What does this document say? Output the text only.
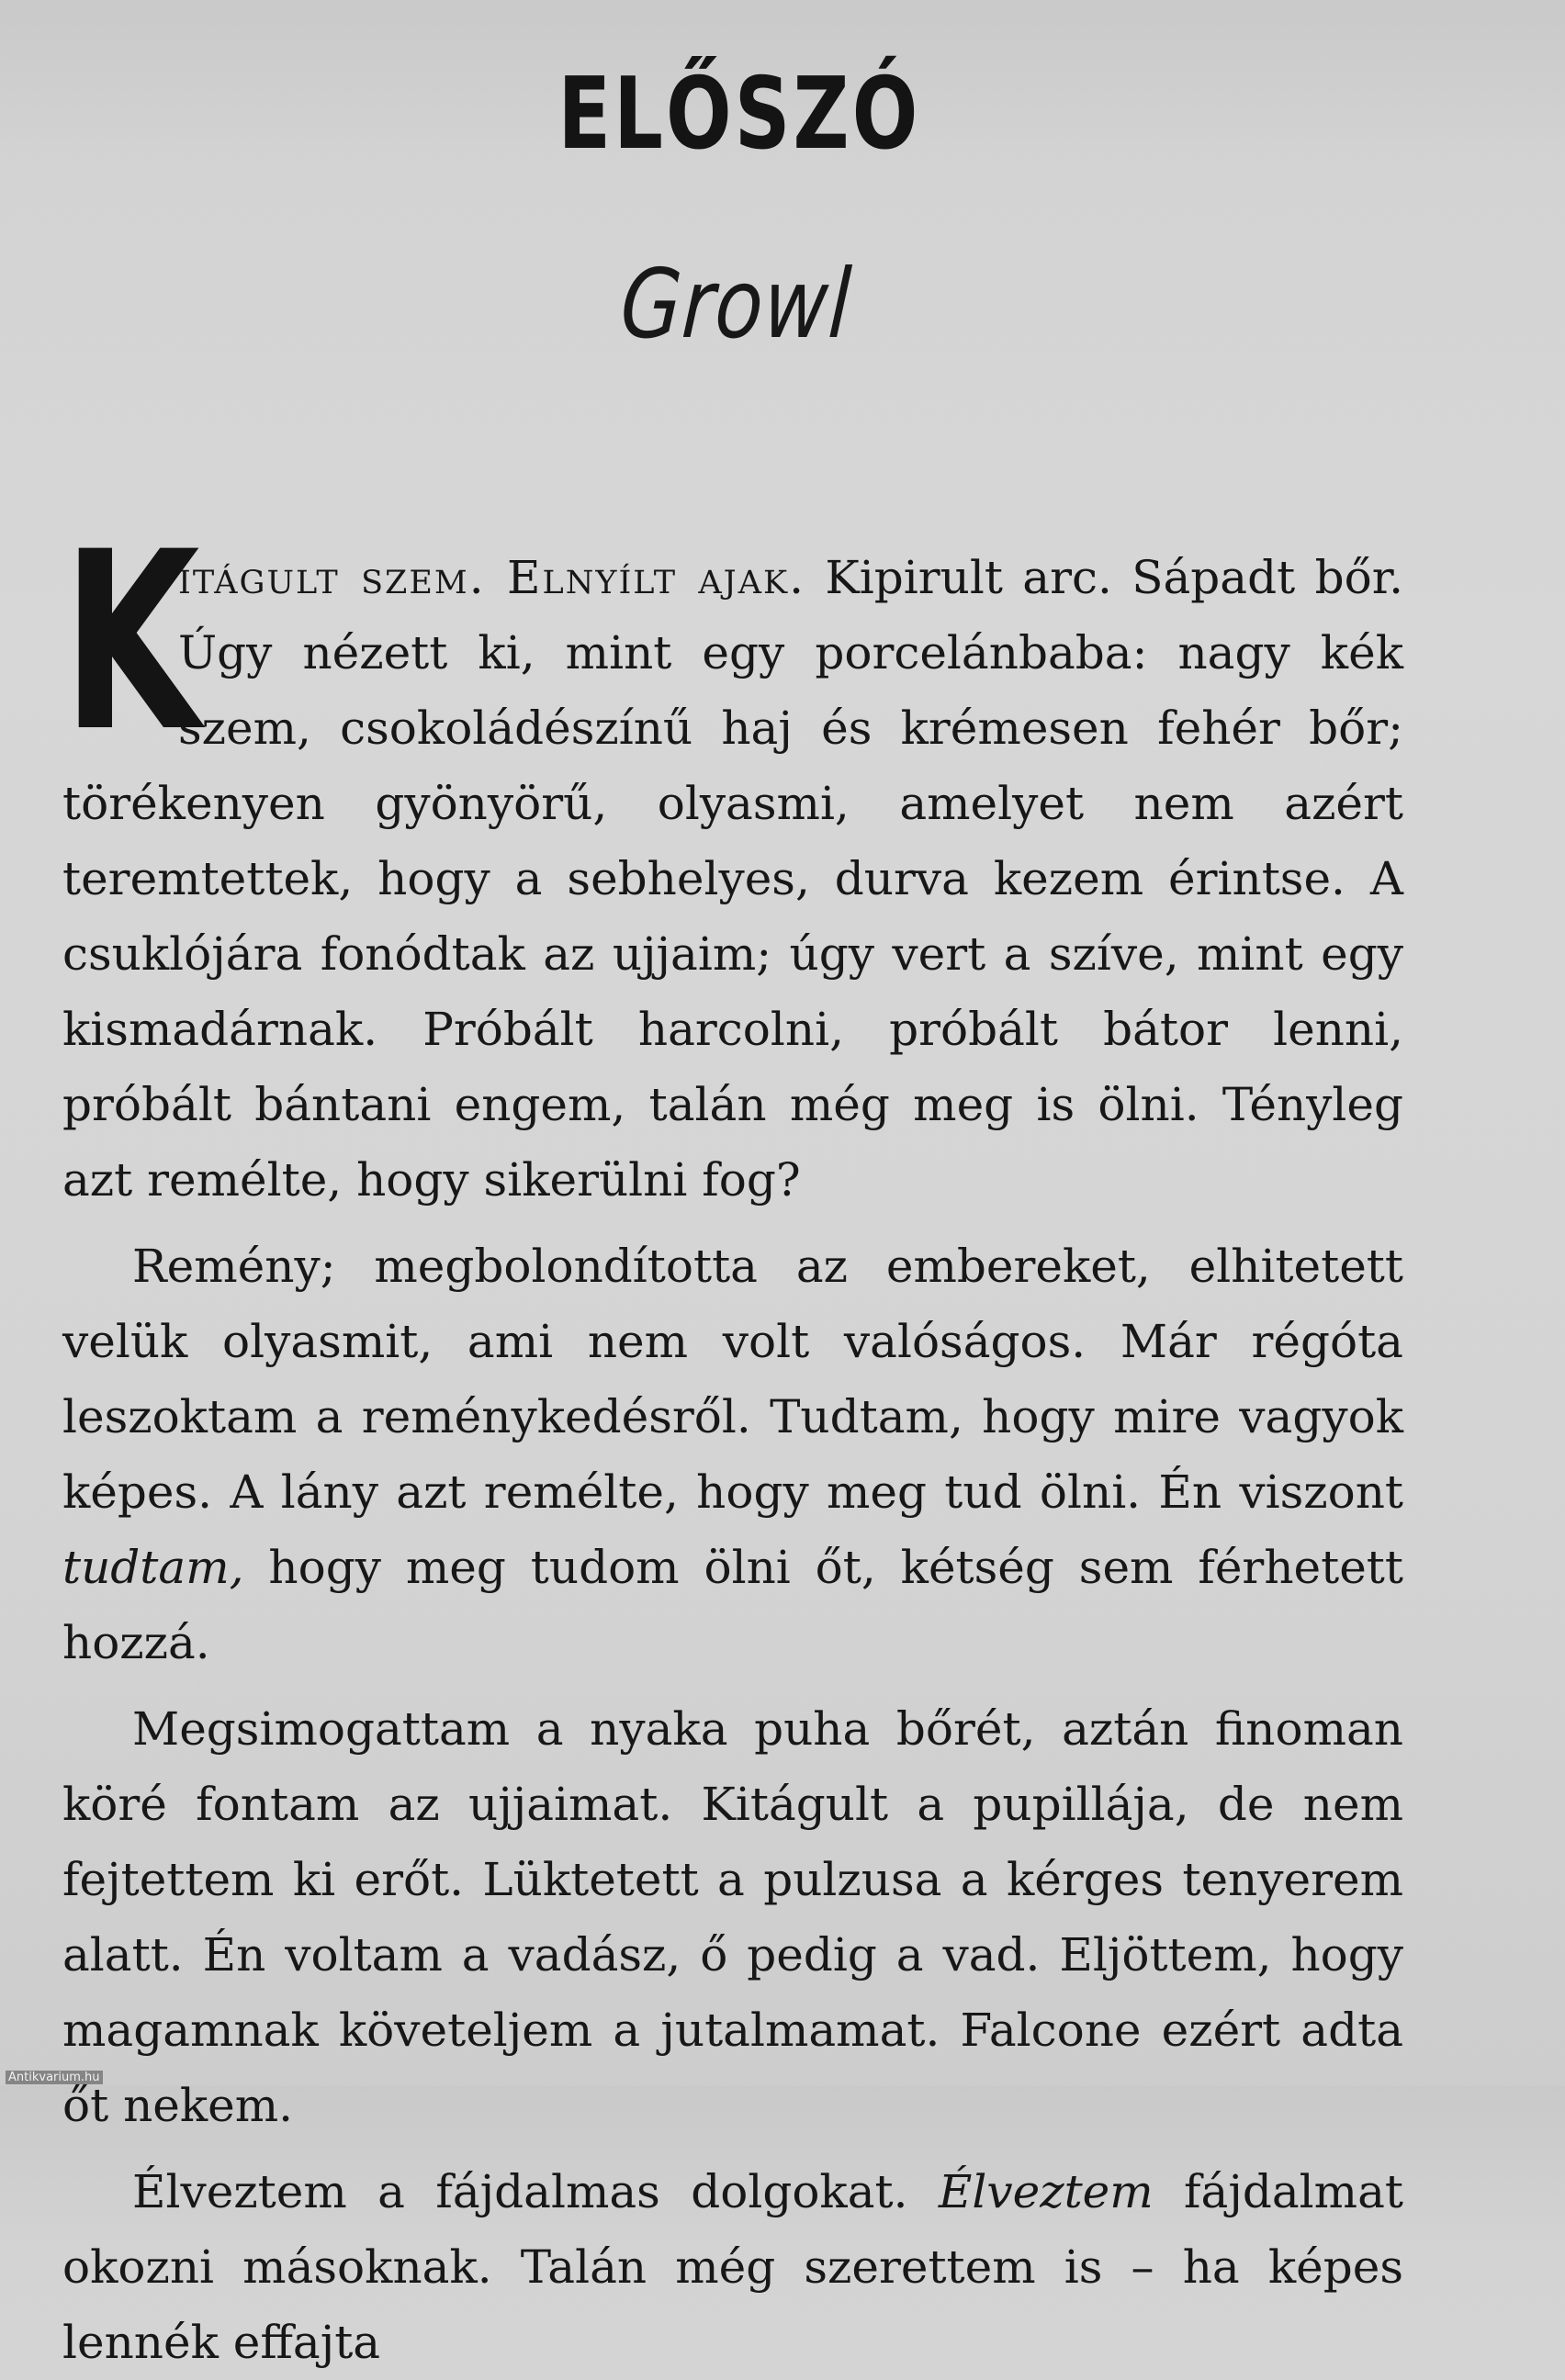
ELŐSZÓ
Growl

K
itágult szem. Elnyílt ajak. Kipirult arc. Sápadt bőr. Úgy nézett ki, mint egy porcelánbaba: nagy kék szem, csokoládészínű haj és krémesen fehér bőr; törékenyen gyönyörű, olyasmi, amelyet nem azért teremtettek, hogy a sebhelyes, durva kezem érintse. A csuklójára fonódtak az ujjaim; úgy vert a szíve, mint egy kismadárnak. Próbált harcolni, próbált bátor lenni, próbált bántani engem, talán még meg is ölni. Tényleg azt remélte, hogy sikerülni fog?

Remény; megbolondította az embereket, elhitetett velük olyasmit, ami nem volt valóságos. Már régóta leszoktam a reménykedésről. Tudtam, hogy mire vagyok képes. A lány azt remélte, hogy meg tud ölni. Én viszont tudtam, hogy meg tudom ölni őt, kétség sem férhetett hozzá.

Megsimogattam a nyaka puha bőrét, aztán finoman köré fontam az ujjaimat. Kitágult a pupillája, de nem fejtettem ki erőt. Lüktetett a pulzusa a kérges tenyerem alatt. Én voltam a vadász, ő pedig a vad. Eljöttem, hogy magamnak követeljem a jutalmamat. Falcone ezért adta őt nekem.

Élveztem a fájdalmas dolgokat. Élveztem fájdalmat okozni másoknak. Talán még szerettem is – ha képes lennék effajta

Antikvarium.hu
